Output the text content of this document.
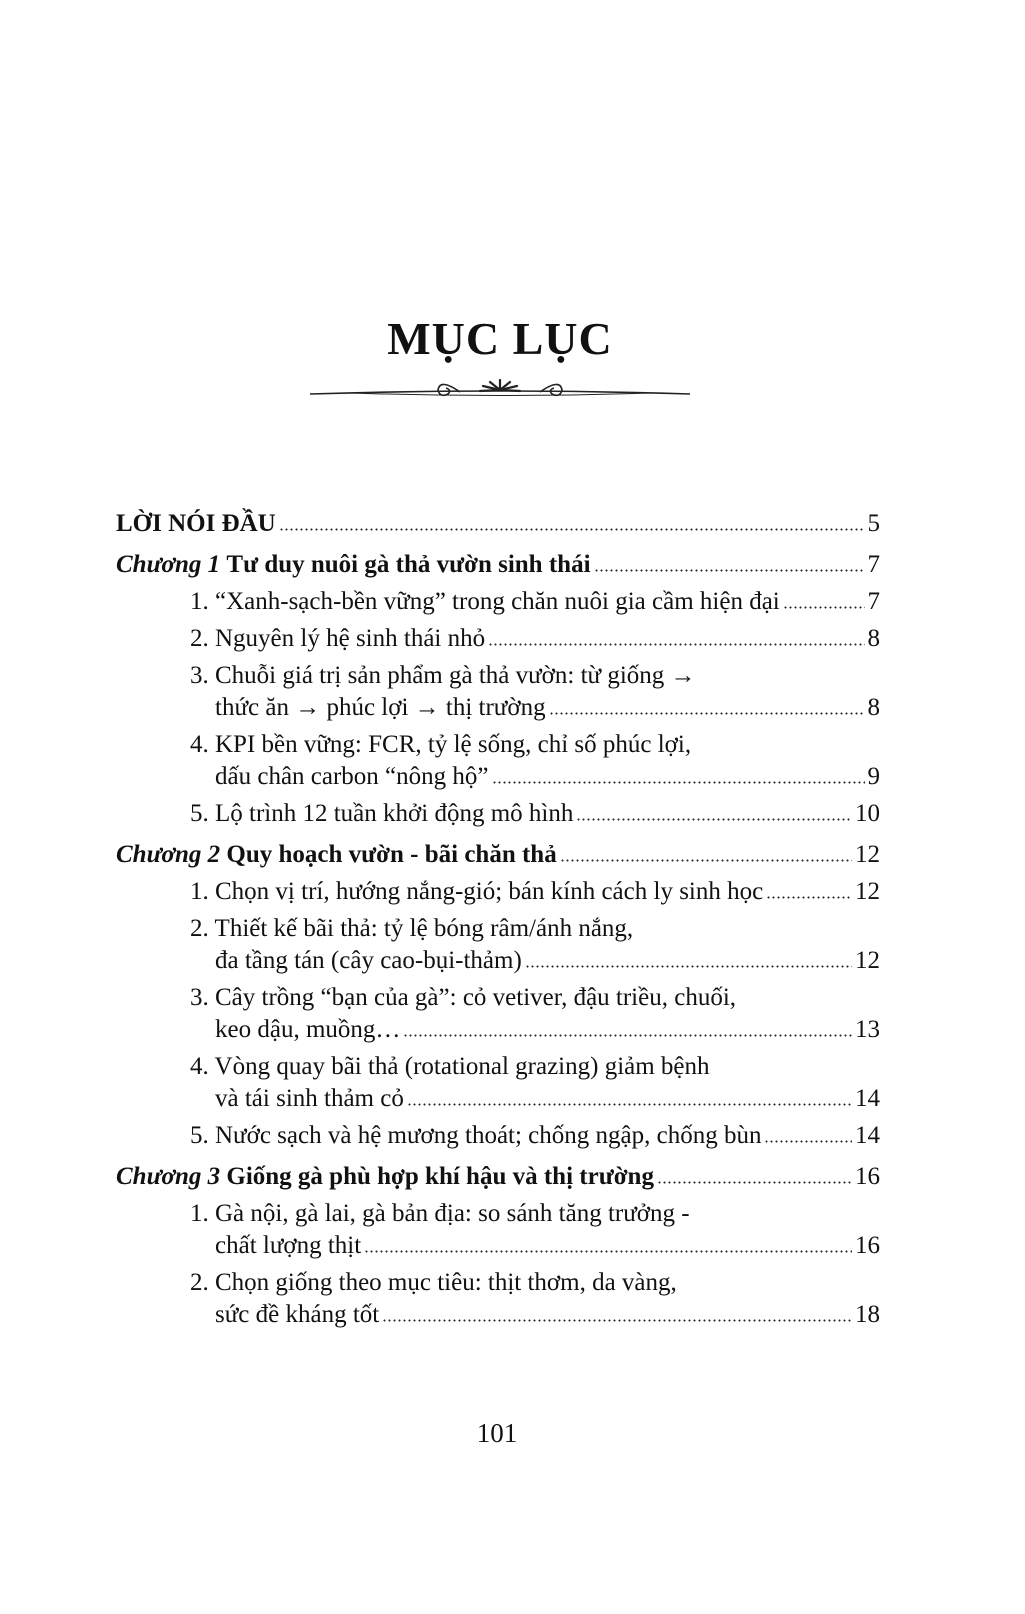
MỤC LỤC
LỜI NÓI ĐẦU	5
Chương 1
Tư duy nuôi gà thả vườn sinh thái	7
1. “Xanh-sạch-bền vững” trong chăn nuôi gia cầm hiện đại	7
2. Nguyên lý hệ sinh thái nhỏ	8
3. Chuỗi giá trị sản phẩm gà thả vườn: từ giống →
thức ăn → phúc lợi → thị trường	8
4. KPI bền vững: FCR, tỷ lệ sống, chỉ số phúc lợi,
dấu chân carbon “nông hộ”	9
5. Lộ trình 12 tuần khởi động mô hình	10
Chương 2
Quy hoạch vườn - bãi chăn thả	12
1. Chọn vị trí, hướng nắng-gió; bán kính cách ly sinh học	12
2. Thiết kế bãi thả: tỷ lệ bóng râm/ánh nắng,
đa tầng tán (cây cao-bụi-thảm)	12
3. Cây trồng “bạn của gà”: cỏ vetiver, đậu triều, chuối,
keo dậu, muồng…	13
4. Vòng quay bãi thả (rotational grazing) giảm bệnh
và tái sinh thảm cỏ	14
5. Nước sạch và hệ mương thoát; chống ngập, chống bùn	14
Chương 3
Giống gà phù hợp khí hậu và thị trường	16
1. Gà nội, gà lai, gà bản địa: so sánh tăng trưởng -
chất lượng thịt	16
2. Chọn giống theo mục tiêu: thịt thơm, da vàng,
sức đề kháng tốt	18
101
